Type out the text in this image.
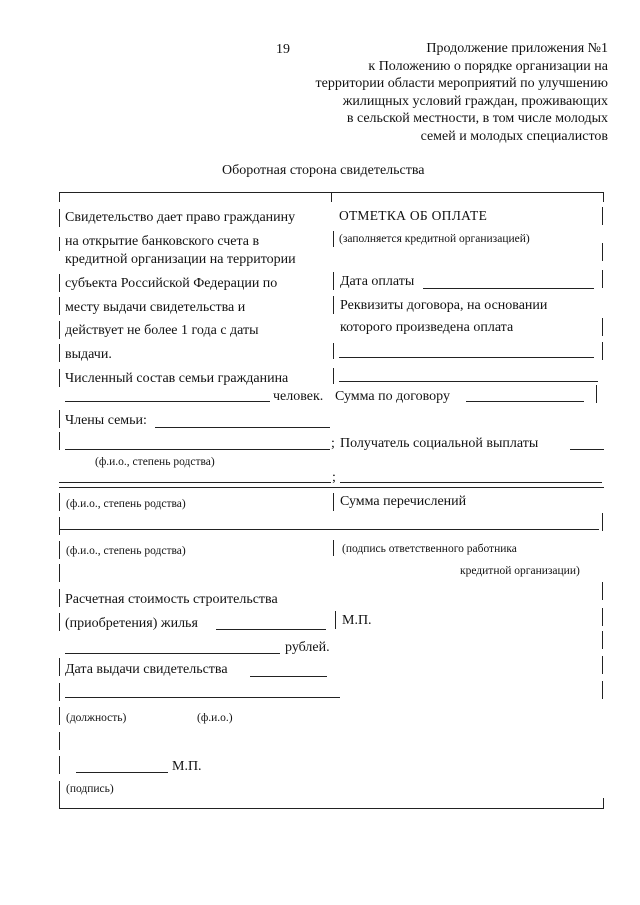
19	Продолжение приложения №1
к Положению о порядке организации на
территории области мероприятий по улучшению
жилищных условий граждан, проживающих
в сельской местности, в том числе молодых
семей и молодых специалистов
Оборотная сторона свидетельства
Свидетельство дает право гражданину
на открытие банковского счета в
кредитной организации на территории
субъекта Российской Федерации по
месту выдачи свидетельства и
действует не более 1 года с даты
выдачи.
Численный состав семьи гражданина
человек.
Члены семьи:
;
(ф.и.о., степень родства)
;
(ф.и.о., степень родства)
(ф.и.о., степень родства)
Расчетная стоимость строительства
(приобретения) жилья
рублей.
Дата выдачи свидетельства
(должность)	(ф.и.о.)
М.П.
(подпись)
ОТМЕТКА ОБ ОПЛАТЕ
(заполняется кредитной организацией)
Дата оплаты
Реквизиты договора, на основании
которого произведена оплата
Сумма по договору
Получатель социальной выплаты
Сумма перечислений
(подпись ответственного работника
кредитной организации)
М.П.
